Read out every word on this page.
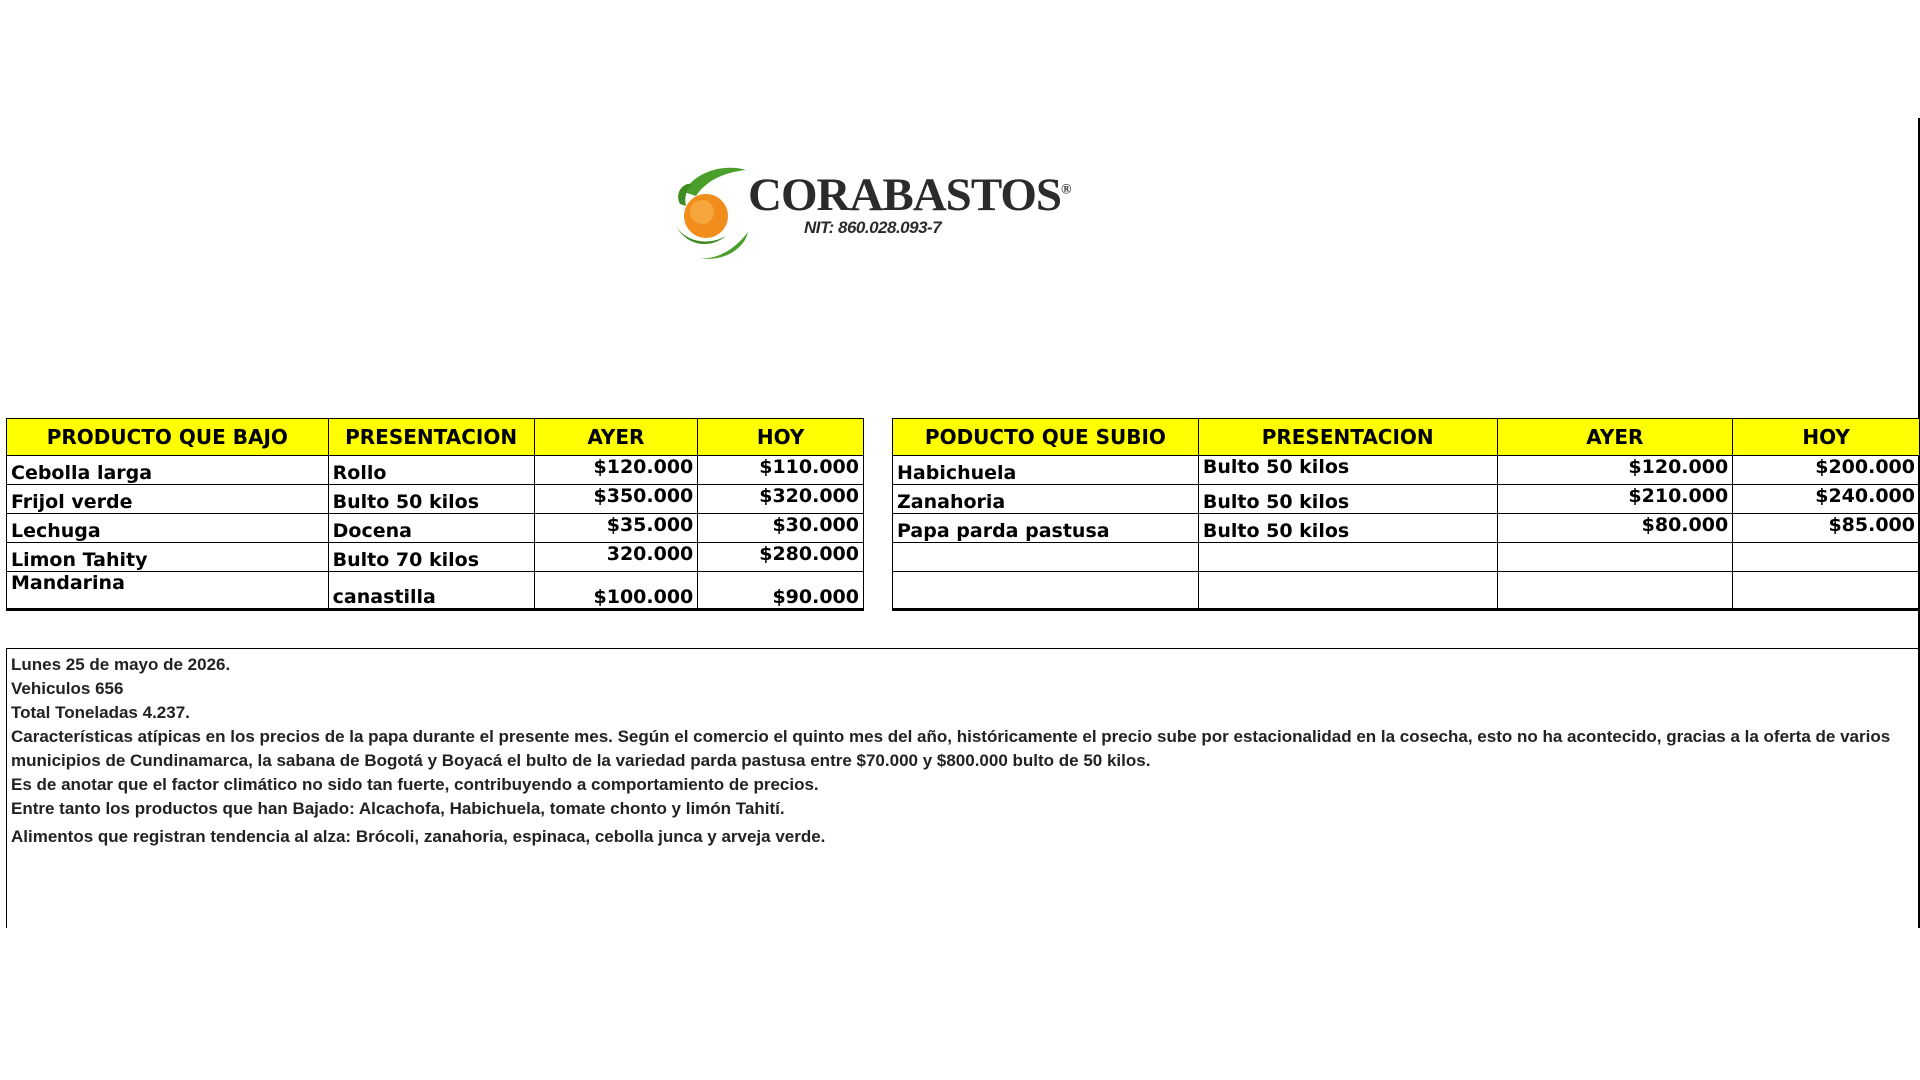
CORABASTOS®
NIT: 860.028.093-7
PRODUCTO QUE BAJO	PRESENTACION	AYER	HOY
Cebolla larga	Rollo	$120.000	$110.000
Frijol verde	Bulto 50 kilos	$350.000	$320.000
Lechuga	Docena	$35.000	$30.000
Limon Tahity	Bulto 70 kilos	320.000	$280.000
Mandarina	canastilla	$100.000	$90.000
PODUCTO QUE SUBIO	PRESENTACION	AYER	HOY
Habichuela	Bulto 50 kilos	$120.000	$200.000
Zanahoria	Bulto 50 kilos	$210.000	$240.000
Papa parda pastusa	Bulto 50 kilos	$80.000	$85.000

Lunes 25 de mayo de 2026.

Vehiculos 656

Total Toneladas 4.237.

Características atípicas en los precios de la papa durante el presente mes. Según el comercio el quinto mes del año, históricamente el precio sube por estacionalidad en la cosecha, esto no ha acontecido, gracias a la oferta de varios municipios de Cundinamarca, la sabana de Bogotá y Boyacá el bulto de la variedad parda pastusa entre $70.000 y $800.000 bulto de 50 kilos.

Es de anotar que el factor climático no sido tan fuerte, contribuyendo a comportamiento de precios.

Entre tanto los productos que han Bajado: Alcachofa, Habichuela, tomate chonto y limón Tahití.

Alimentos que registran tendencia al alza: Brócoli, zanahoria, espinaca, cebolla junca y arveja verde.
